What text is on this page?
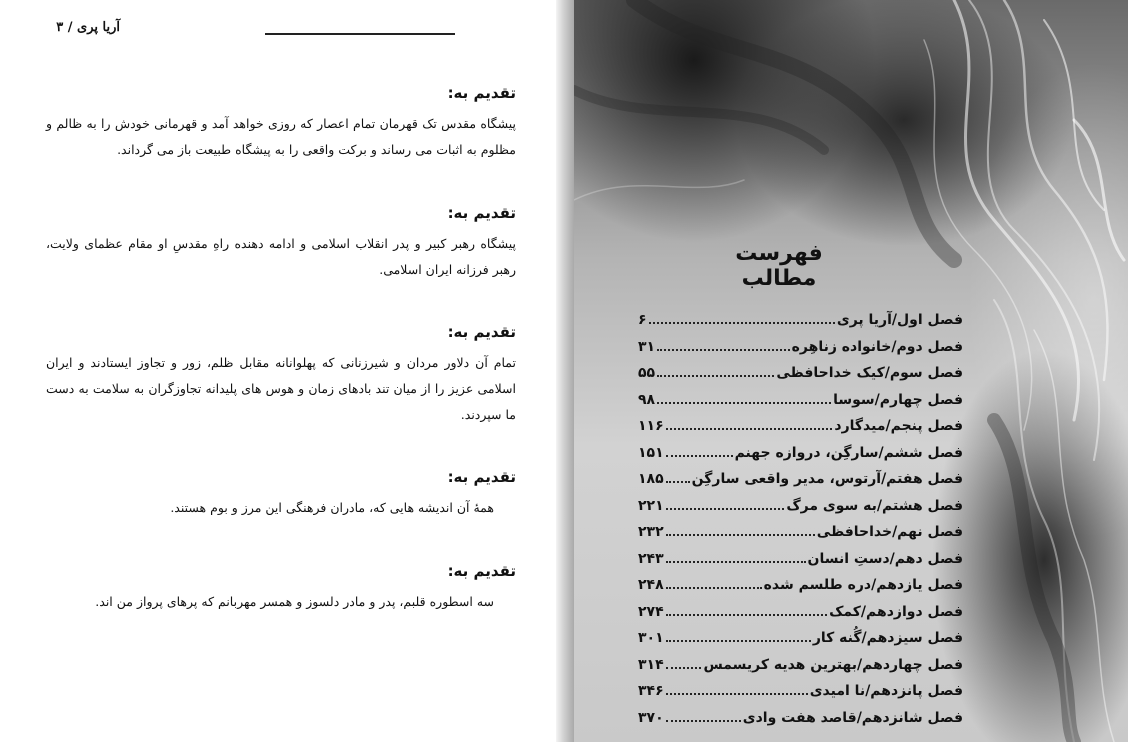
آریا پری / ۳
تقدیم به:

پیشگاه مقدس تک قهرمان تمام اعصار که روزی خواهد آمد و قهرمانی خودش را به ظالم و مظلوم به اثبات می رساند و برکت واقعی را به پیشگاه طبیعت باز می گرداند.

تقدیم به:

پیشگاه رهبر کبیر و پدر انقلاب اسلامی و ادامه دهنده راهِ مقدسِ او مقام عظمای ولایت، رهبر فرزانه ایران اسلامی.

تقدیم به:

تمام آن دلاور مردان و شیرزنانی که پهلوانانه مقابل ظلم، زور و تجاوز ایستادند و ایران اسلامی عزیز را از میان تند بادهای زمان و هوس های پلیدانه تجاوزگران به سلامت به دست ما سپردند.

تقدیم به:

همهٔ آن اندیشه هایی که، مادران فرهنگی این مرز و بوم هستند.

تقدیم به:

سه اسطوره قلبم، پدر و مادر دلسوز و همسر مهربانم که پرهای پرواز من اند.

فهرست مطالب
فصل اول/آریا پری
۶
فصل دوم/خانواده زناهِره
۳۱
فصل سوم/کیک خداحافظی
۵۵
فصل چهارم/سوسا
۹۸
فصل پنجم/میدگارد
۱۱۶
فصل ششم/سارگِن، دروازه جهنم
۱۵۱
فصل هفتم/آرتوس، مدیر واقعی سارگِن
۱۸۵
فصل هشتم/به سوی مرگ
۲۲۱
فصل نهم/خداحافظی
۲۳۲
فصل دهم/دستِ انسان
۲۴۳
فصل یازدهم/دره طلسم شده
۲۴۸
فصل دوازدهم/کمک
۲۷۴
فصل سیزدهم/گُنه کار
۳۰۱
فصل چهاردهم/بهترین هدیه کریسمس
۳۱۴
فصل پانزدهم/نا امیدی
۳۴۶
فصل شانزدهم/قاصد هفت وادی
۳۷۰
